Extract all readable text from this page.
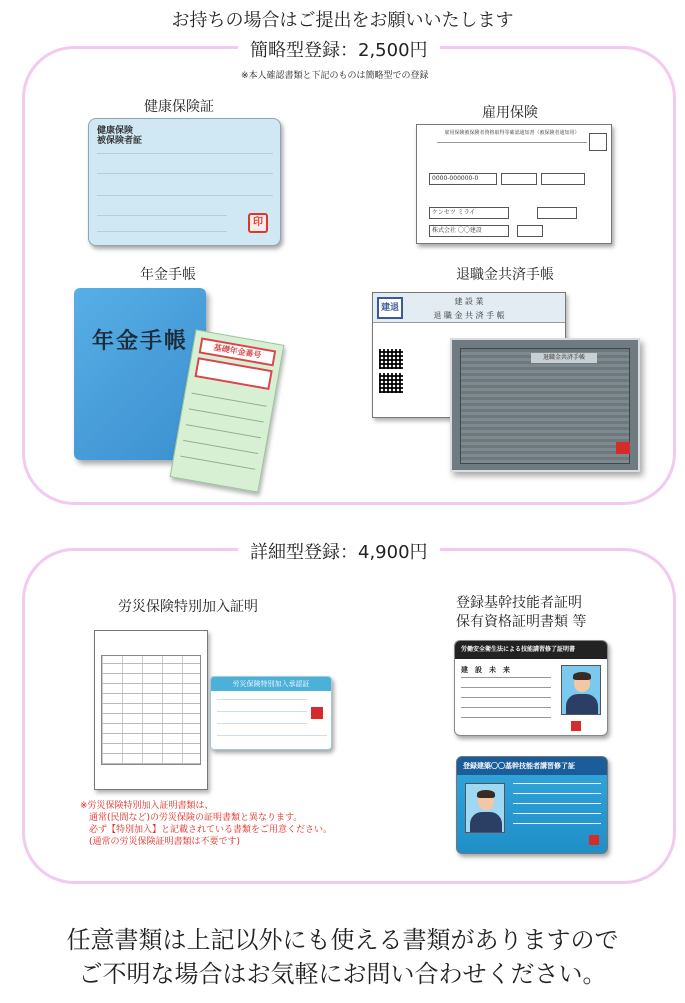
お持ちの場合はご提出をお願いいたします
簡略型登録：2,500円
※本人確認書類と下記のものは簡略型での登録
健康保険証
健康保険
被保険者証
印
雇用保険
雇用保険被保険者資格取得等確認通知書（被保険者通知用）
0000-000000-0
ケンセツ ミライ
株式会社 〇〇建設
年金手帳
年金手帳	基礎年金番号
退職金共済手帳
建 設 業
退 職 金 共 済 手 帳
建退
退職金共済手帳
詳細型登録：4,900円
労災保険特別加入証明
労災保険特別加入承認証

※労災保険特別加入証明書類は、

　通常(民間など)の労災保険の証明書類と異なります。

　必ず【特別加入】と記載されている書類をご用意ください。

　(通常の労災保険証明書類は不要です)

登録基幹技能者証明
保有資格証明書類 等
労働安全衛生法による技能講習修了証明書
建　設　未　来
登録建築〇〇基幹技能者講習修了証
任意書類は上記以外にも使える書類がありますので
ご不明な場合はお気軽にお問い合わせください。
